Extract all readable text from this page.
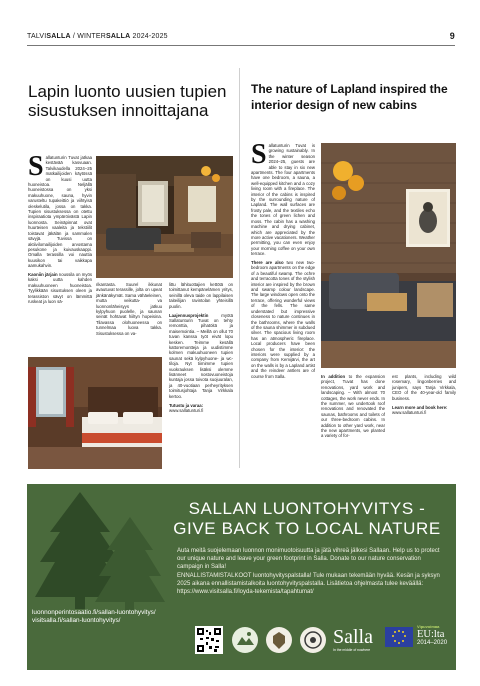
TALVISALLA / WINTERSALLA 2024-2025	9
Lapin luonto uusien tupien sisustuksen innoittajana

Sallatunturin Tuvat jatkaa kestävää kasvuaan. Talvikaudella 2024–25 matkailijoiden käytössä on kuusi uutta huoneistoa. Neljällä huoneistossa on yksi makuuhuone, sauna, hyvin varusteltu tupakeittiö ja viihtyisä oleskelutila, jossa on takka. Tupien sisustuksessa on otettu inspiraatiota ympäröivästä Lapin luonnosta. Seinäpinnat ovat huurteisen vaaleita ja tekstiilit toistavat jäkälän ja sammalen sävyjä. Tuvissa on aktiivilomailijoiden arvostama pesukone ja kuivauskaappi. Omalla terassilla voi nauttia kuusikon tai vaikkapa aamukahvin.

Kaoniin järjain noussila on myös kaksi uutta kahden makuuhuoneen huoneistoa. Tyylikkään sisustuksen oleen ja terassiston sävyt on lämmittä ruskeat ja luon sä-

rikantasta. Suurel ikkunat avautuvat terassille, jolta on upeat jänkänäkymät. Sama vähäeleinen, mutta veikutta- va luonnonläheisyys jatkuu kylpyhuon puolelle, ja saunan seinät hohtavat hiiltyn hopeisina. Tilavassa olohuoneessa on tunnelmaa luova takka. Sisustuksessa on va-

littu lähituottajien kettötä on toimittanut kempänelämen yritys, seinillä oleva taide on lappilaisen taiteilijan ravintolan yhteisillä puolin.

Laajennusprojektin myötä Sallatunturin Tuvat on tehty remonttia, pihatöitä ja maisemointia. – Meillä on ollut 70 tuvan kanssa työt eivät lopu kesken. Teimme kesällä kattoremontteja ja uudistimme kolmen makuuhuoneen tupien saunat sekä kylpyhuone- ja wc-tiloja. Nyt tiimimme tupien vuokrauksen lisäksi olemme lisänneet nostovuoneistoja kuntaja jossa toivota suojuuralan, ja 40-vuotiaan perheyrityksen toimitusjohtaja Tanja Virkkala kertoo.

Tutustu ja varaa:
www.sallatunturi.fi

The nature of Lapland inspired the interior design of new cabins

Sallatunturin Tuvat is growing sustainably. In the winter season 2024–25, guests are able to stay in six new apartments. The four apartments have one bedroom, a sauna, a well-equipped kitchen and a cozy living room with a fireplace. The interior of the cabins is inspired by the surrounding nature of Lapland. The wall surfaces are frosty pale, and the textiles echo the tones of green lichen and moss. The cabin has a washing machine and drying cabinet, which are appreciated by the more active vacationers. Weather permitting, you can even enjoy your morning coffee on your own terrace.

There are also two new two-bedroom apartments on the edge of a beautiful swamp. The ochre and terracotta tones of the stylish interior are inspired by the brown and swamp colour landscape. The large windows open onto the terrace, offering wonderful views of the fells. The same understated but impressive closeness to nature continues in the bathrooms, where the walls of the sauna shimmer in subdued silver. The spacious living room has an atmospheric fireplace. Local producers have been chosen for the interior: the interiors were supplied by a company from Kemijärvi, the art on the walls is by a Lapland artist and the reindeer antlers are of course from Salla.	In addition to the expansion project, Tuvat has done renovations, yard work and landscaping. – With almost 70 cottages, the work never ends. In the summer, we undertook roof renovations and renovated the saunas, bathrooms and toilets of our three-bedroom cabins. In addition to other yard work, near the new apartments, we planted a variety of for-

est plants, including wild rosemary, lingonberries and junipers, says Tanja Virkkala, CEO of the 40-year-old family business.

Learn more and book here:
www.sallatunturi.fi

SALLAN LUONTOHYVITYS -
GIVE BACK TO LOCAL NATURE

Auta meitä suojelemaan luonnon monimuotoisuutta ja jätä vihreä jälkesi Sallaan. Help us to protect our unique nature and leave your green footprint in Salla. Donate to our nature conservation campaign in Salla!

ENNALLISTAMISTALKOOT luontohyvityspalstalla! Tule mukaan tekemään hyvää. Kesän ja syksyn 2025 aikana ennallistamistalkoita luontohyvityspalstalla. Lisätietoa ohjelmasta tulee keväällä: https://www.visitsalla.fi/loyda-tekemista/tapahtumat/

luonnonperintosaatio.fi/sallan-luontohyvitys/
visitsalla.fi/sallan-luontohyvitys/
Salla
In the middle of nowhere
Vipuvoimaa
EU:lta
2014–2020
